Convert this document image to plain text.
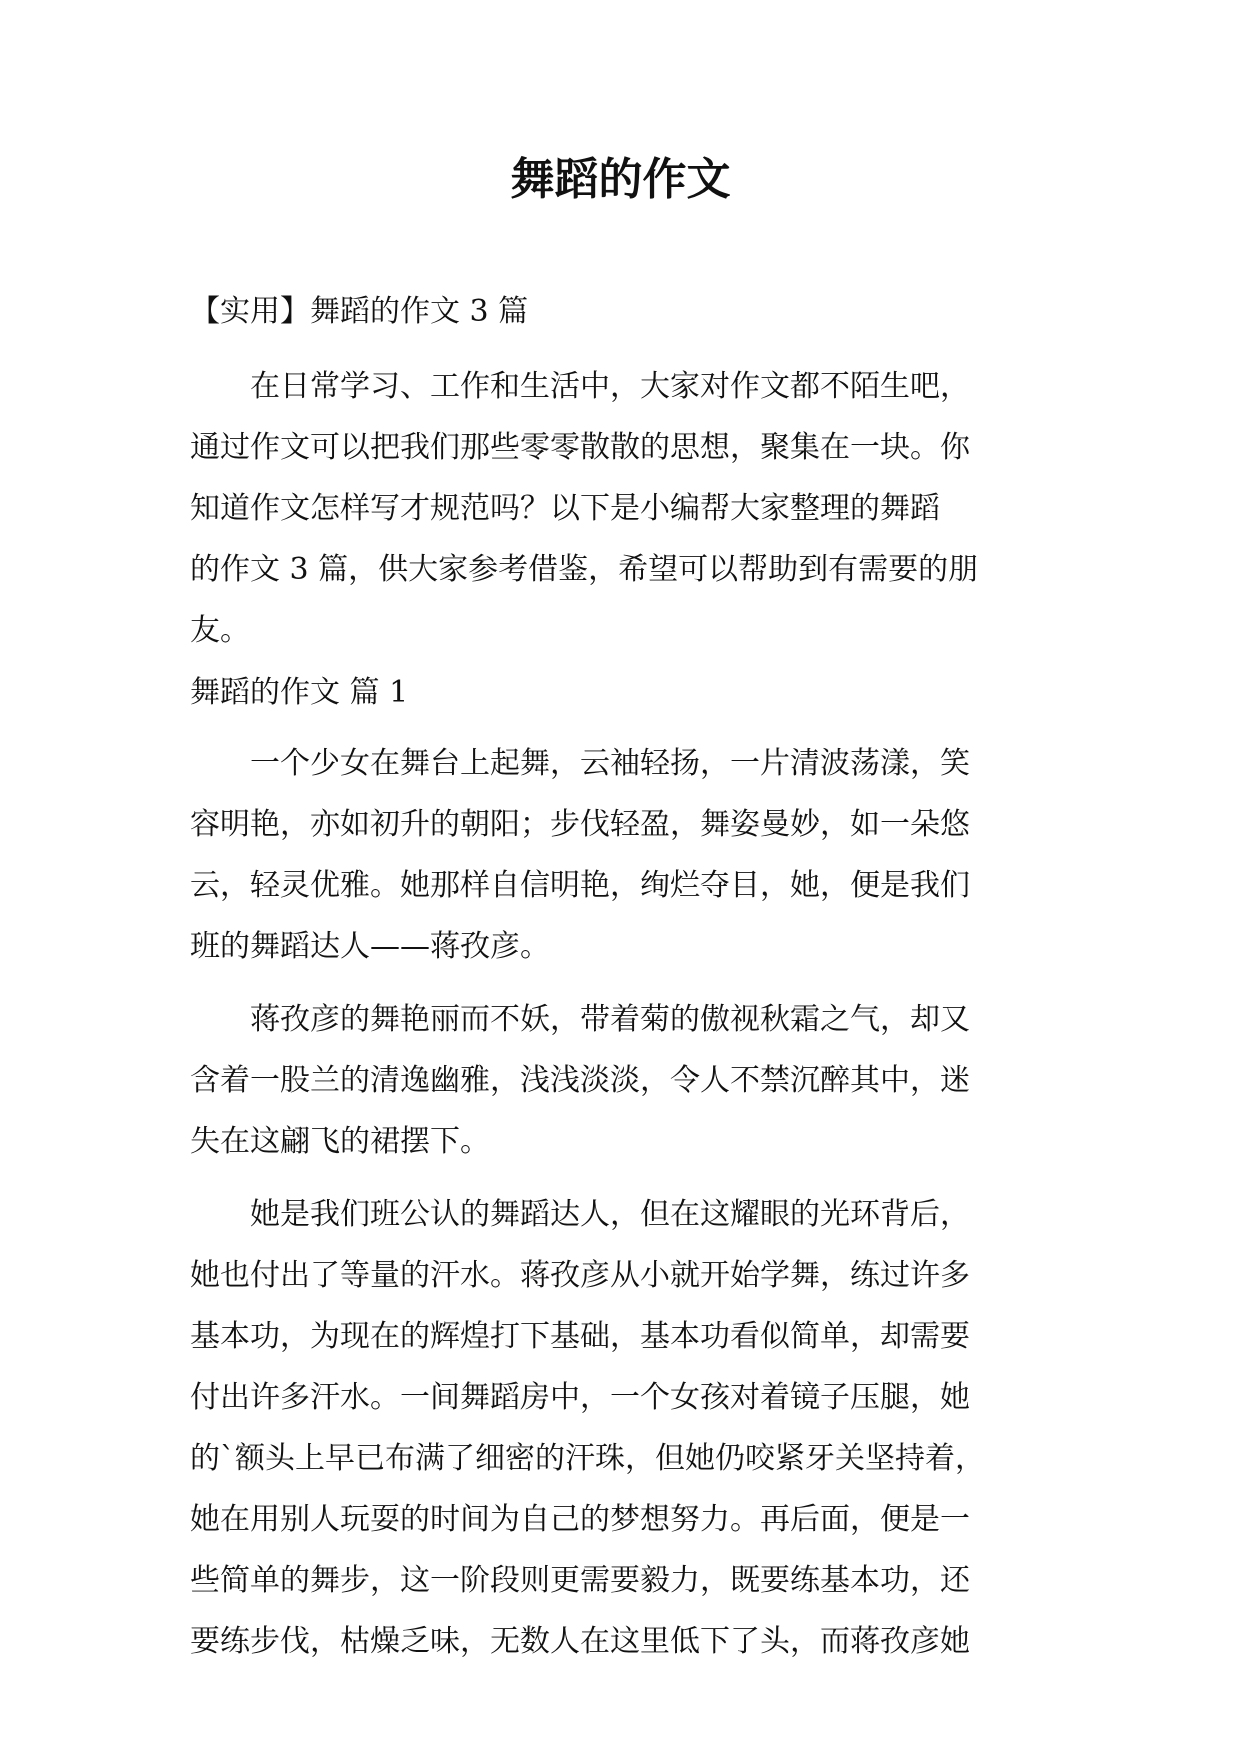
舞蹈的作文
【实用】舞蹈的作文 3 篇
　　在日常学习、工作和生活中，大家对作文都不陌生吧，
通过作文可以把我们那些零零散散的思想，聚集在一块。你
知道作文怎样写才规范吗？以下是小编帮大家整理的舞蹈
的作文 3 篇，供大家参考借鉴，希望可以帮助到有需要的朋
友。
舞蹈的作文 篇 1
　　一个少女在舞台上起舞，云袖轻扬，一片清波荡漾，笑
容明艳，亦如初升的朝阳；步伐轻盈，舞姿曼妙，如一朵悠
云，轻灵优雅。她那样自信明艳，绚烂夺目，她，便是我们
班的舞蹈达人——蒋孜彦。
　　蒋孜彦的舞艳丽而不妖，带着菊的傲视秋霜之气，却又
含着一股兰的清逸幽雅，浅浅淡淡，令人不禁沉醉其中，迷
失在这翩飞的裙摆下。
　　她是我们班公认的舞蹈达人，但在这耀眼的光环背后，
她也付出了等量的汗水。蒋孜彦从小就开始学舞，练过许多
基本功，为现在的辉煌打下基础，基本功看似简单，却需要
付出许多汗水。一间舞蹈房中，一个女孩对着镜子压腿，她
的`额头上早已布满了细密的汗珠，但她仍咬紧牙关坚持着，
她在用别人玩耍的时间为自己的梦想努力。再后面，便是一
些简单的舞步，这一阶段则更需要毅力，既要练基本功，还
要练步伐，枯燥乏味，无数人在这里低下了头，而蒋孜彦她
